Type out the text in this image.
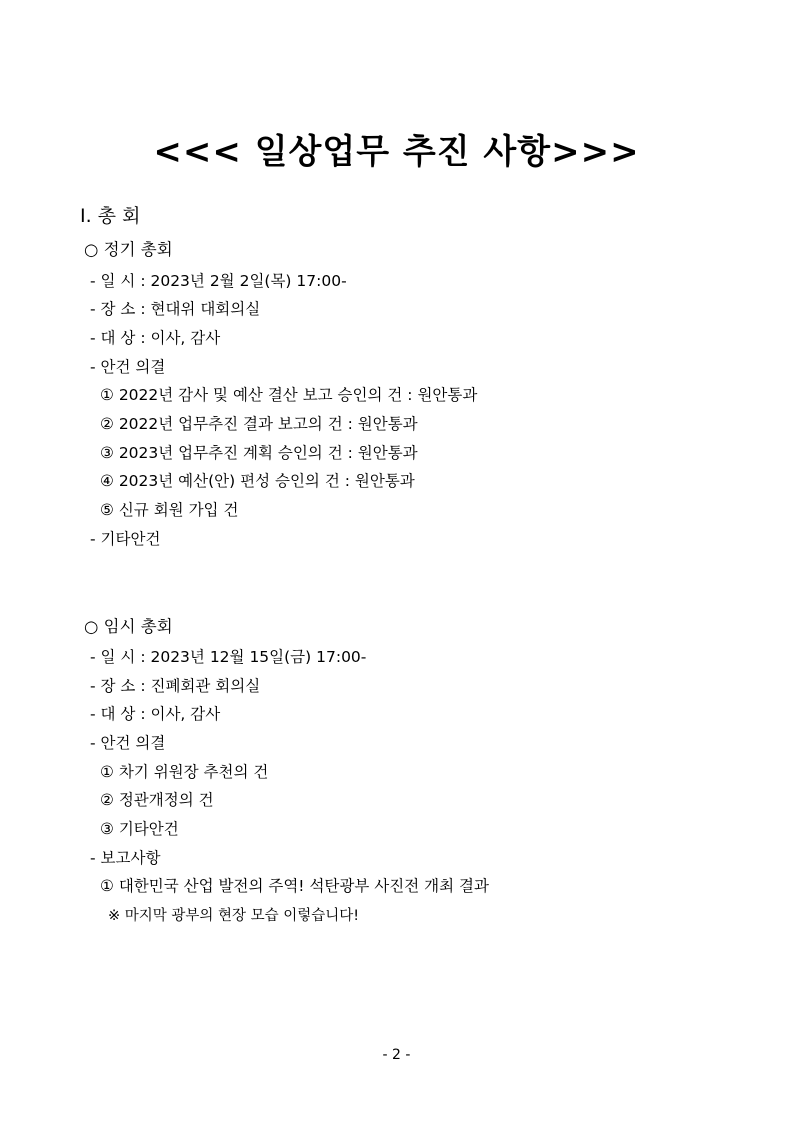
<<< 일상업무 추진 사항>>>
Ⅰ. 총 회
○ 정기 총회
- 일 시 : 2023년 2월 2일(목) 17:00-
- 장 소 : 현대위 대회의실
- 대 상 : 이사, 감사
- 안건 의결
① 2022년 감사 및 예산 결산 보고 승인의 건 : 원안통과
② 2022년 업무추진 결과 보고의 건 : 원안통과
③ 2023년 업무추진 계획 승인의 건 : 원안통과
④ 2023년 예산(안) 편성 승인의 건 : 원안통과
⑤ 신규 회원 가입 건
- 기타안건
○ 임시 총회
- 일 시 : 2023년 12월 15일(금) 17:00-
- 장 소 : 진폐회관 회의실
- 대 상 : 이사, 감사
- 안건 의결
① 차기 위원장 추천의 건
② 정관개정의 건
③ 기타안건
- 보고사항
① 대한민국 산업 발전의 주역! 석탄광부 사진전 개최 결과
※ 마지막 광부의 현장 모습 이렇습니다!
- 2 -
